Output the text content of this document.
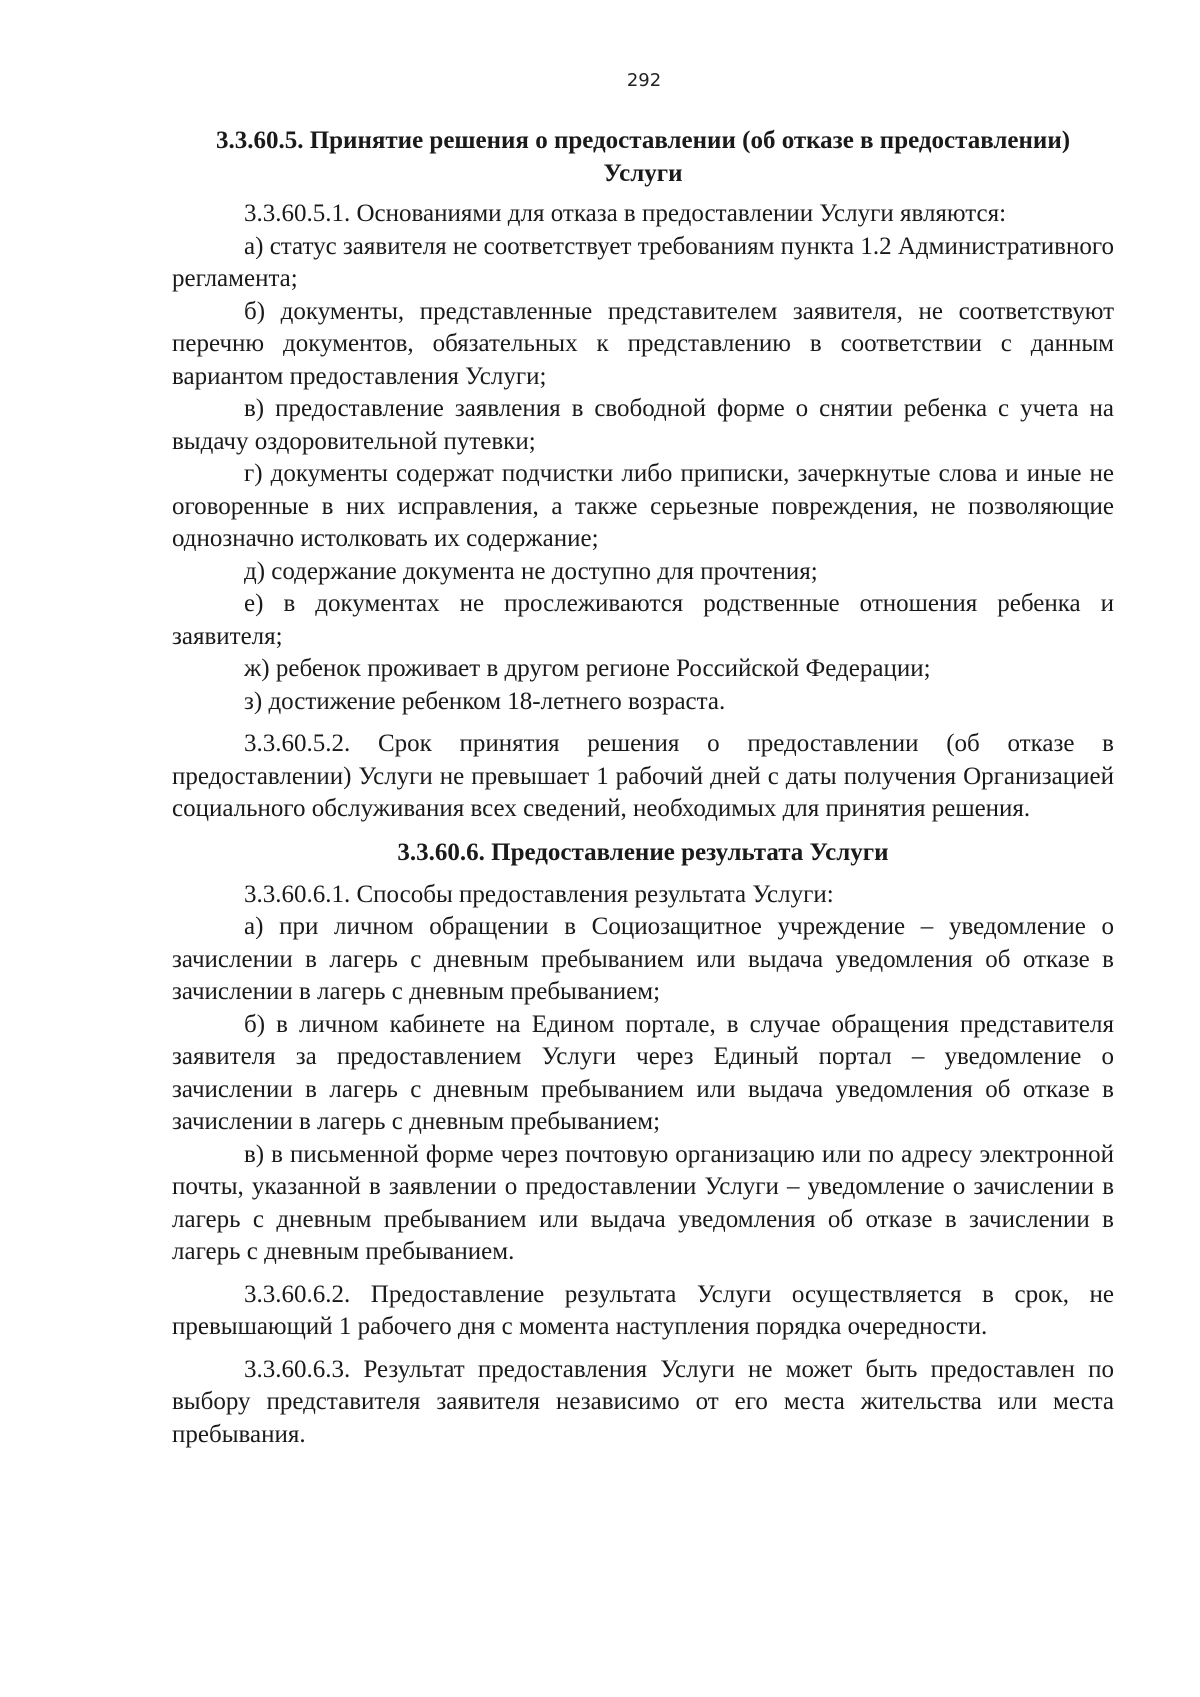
292
3.3.60.5. Принятие решения о предоставлении (об отказе в предоставлении) Услуги

3.3.60.5.1. Основаниями для отказа в предоставлении Услуги являются:

а) статус заявителя не соответствует требованиям пункта 1.2 Административного регламента;

б) документы, представленные представителем заявителя, не соответствуют перечню документов, обязательных к представлению в соответствии с данным вариантом предоставления Услуги;

в) предоставление заявления в свободной форме о снятии ребенка с учета на выдачу оздоровительной путевки;

г) документы содержат подчистки либо приписки, зачеркнутые слова и иные не оговоренные в них исправления, а также серьезные повреждения, не позволяющие однозначно истолковать их содержание;

д) содержание документа не доступно для прочтения;

е) в документах не прослеживаются родственные отношения ребенка и заявителя;

ж) ребенок проживает в другом регионе Российской Федерации;

з) достижение ребенком 18-летнего возраста.

3.3.60.5.2. Срок принятия решения о предоставлении (об отказе в предоставлении) Услуги не превышает 1 рабочий дней с даты получения Организацией социального обслуживания всех сведений, необходимых для принятия решения.

3.3.60.6. Предоставление результата Услуги

3.3.60.6.1. Способы предоставления результата Услуги:

а) при личном обращении в Социозащитное учреждение – уведомление о зачислении в лагерь с дневным пребыванием или выдача уведомления об отказе в зачислении в лагерь с дневным пребыванием;

б) в личном кабинете на Едином портале, в случае обращения представителя заявителя за предоставлением Услуги через Единый портал – уведомление о зачислении в лагерь с дневным пребыванием или выдача уведомления об отказе в зачислении в лагерь с дневным пребыванием;

в) в письменной форме через почтовую организацию или по адресу электронной почты, указанной в заявлении о предоставлении Услуги – уведомление о зачислении в лагерь с дневным пребыванием или выдача уведомления об отказе в зачислении в лагерь с дневным пребыванием.

3.3.60.6.2. Предоставление результата Услуги осуществляется в срок, не превышающий 1 рабочего дня с момента наступления порядка очередности.

3.3.60.6.3. Результат предоставления Услуги не может быть предоставлен по выбору представителя заявителя независимо от его места жительства или места пребывания.
